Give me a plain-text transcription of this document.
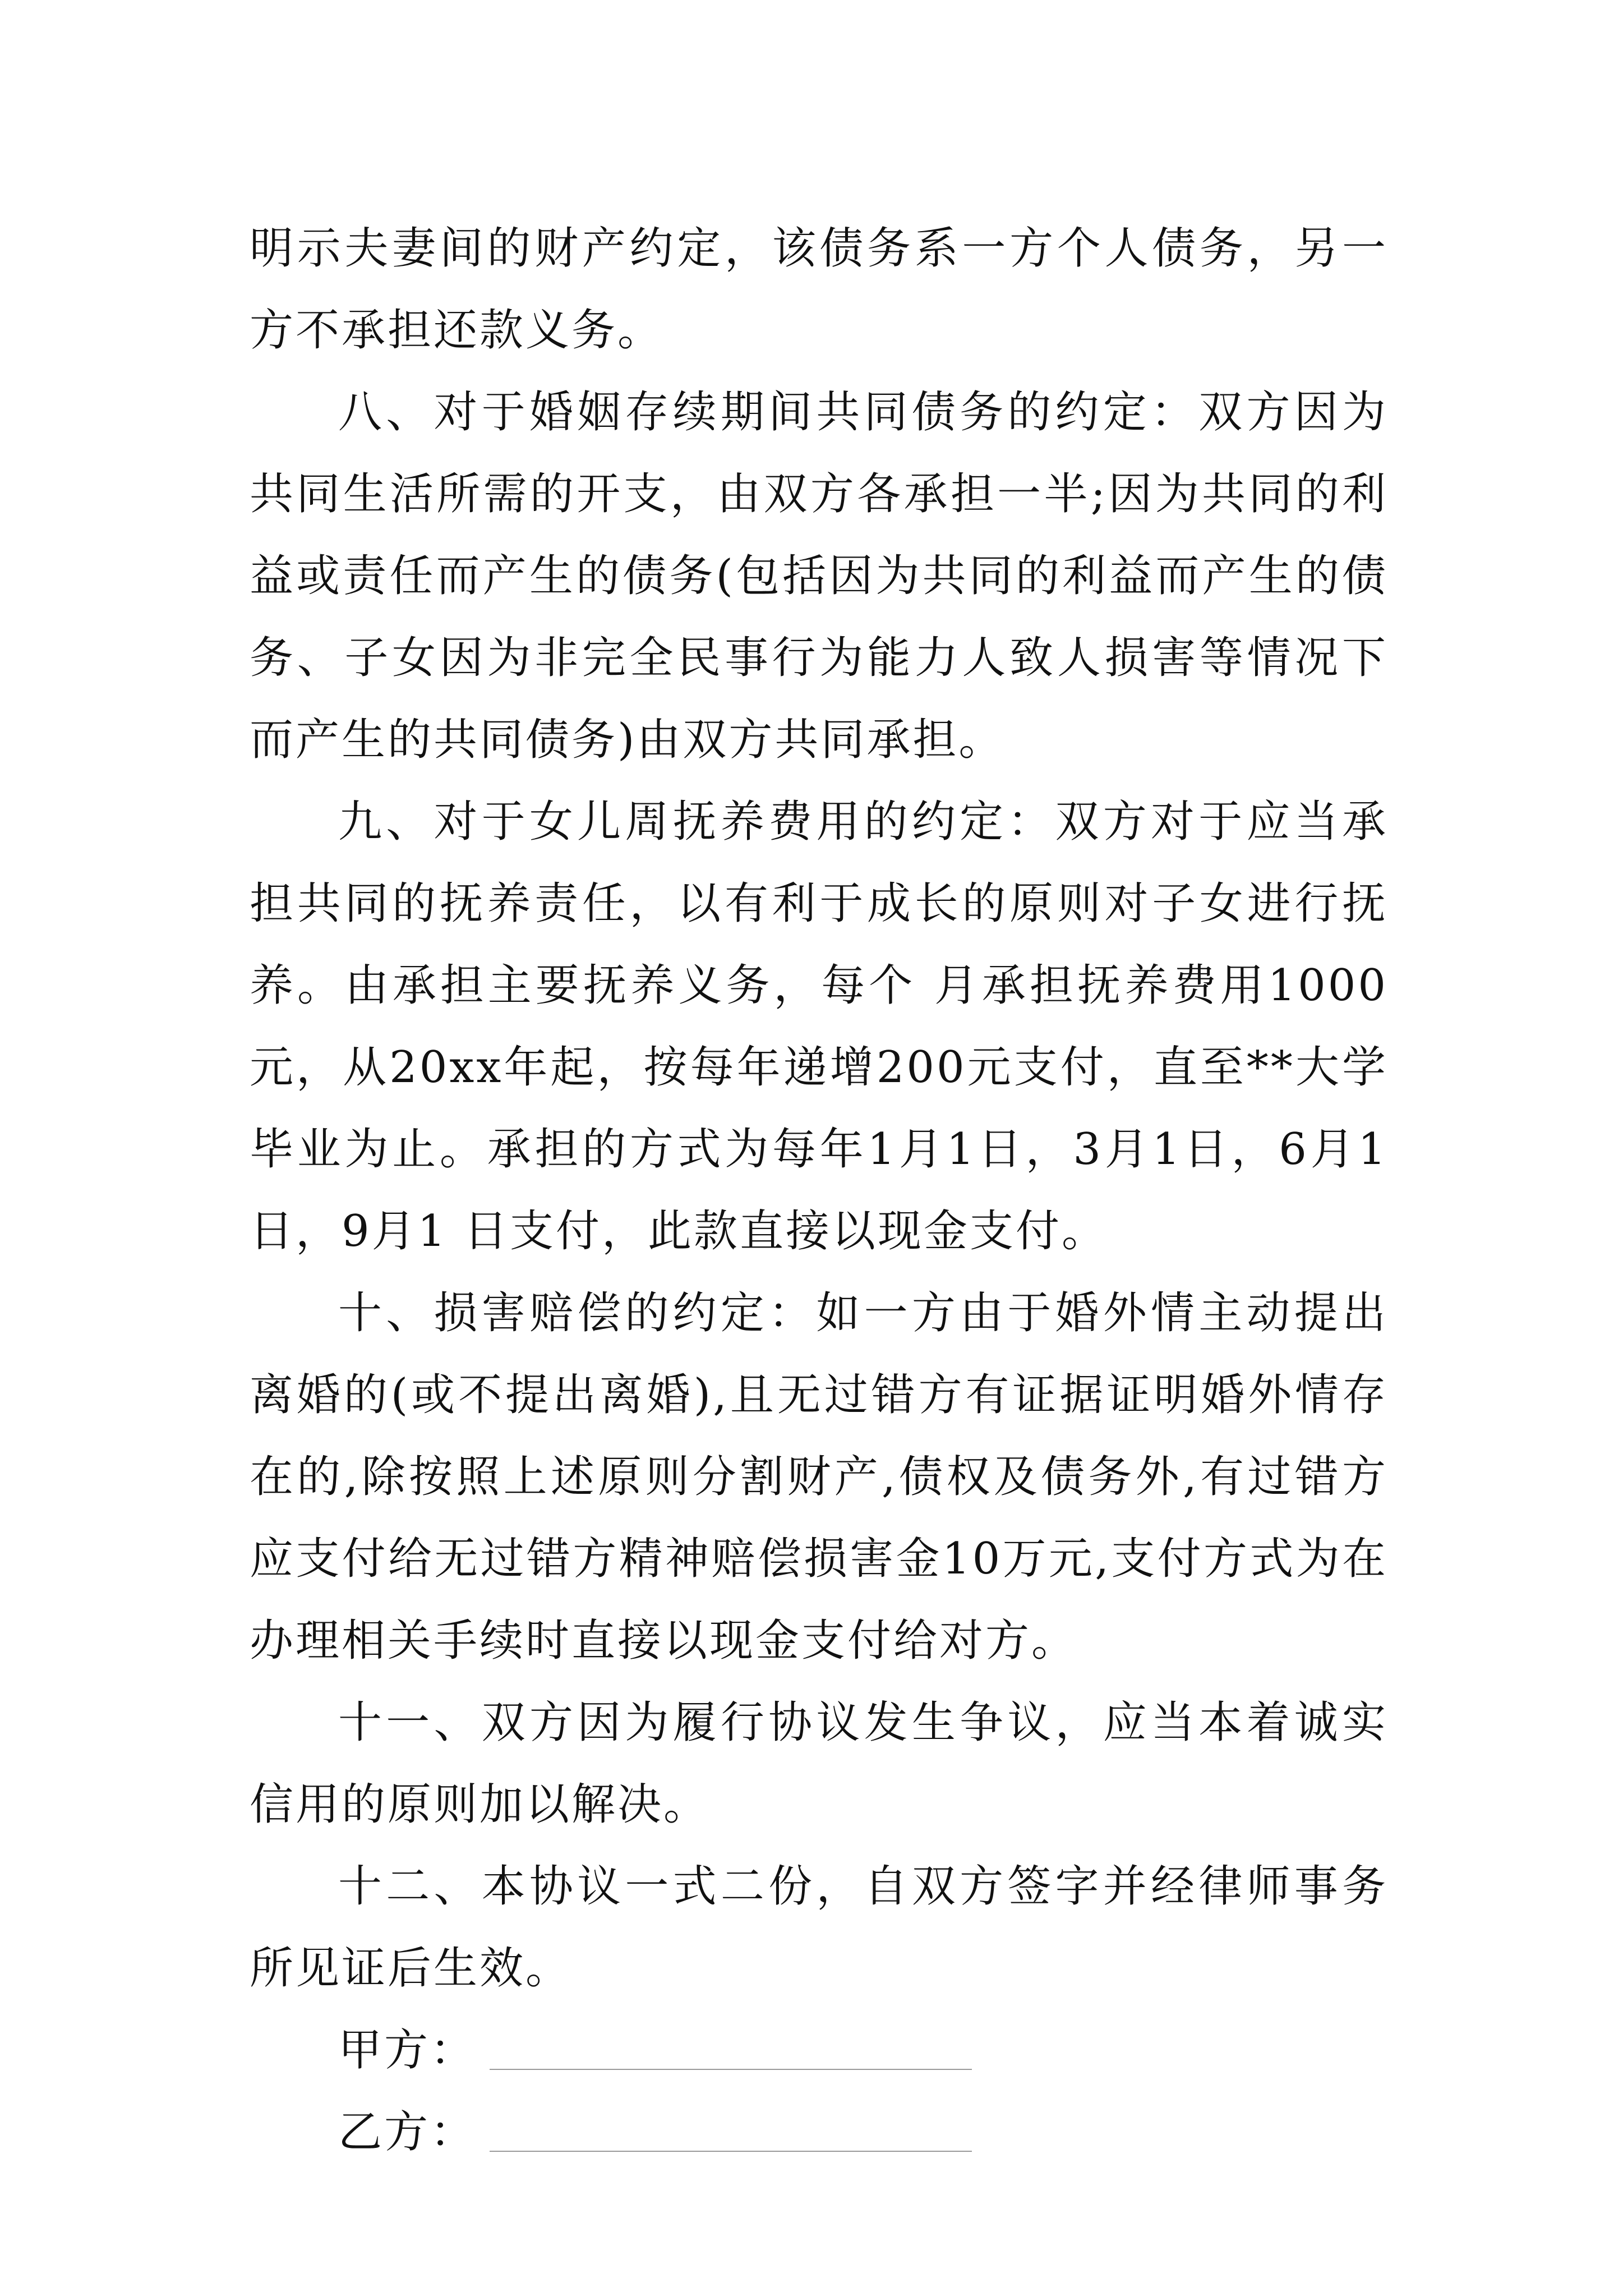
明示夫妻间的财产约定，该债务系一方个人债务，另一方不承担还款义务。

八、对于婚姻存续期间共同债务的约定：双方因为共同生活所需的开支，由双方各承担一半;因为共同的利益或责任而产生的债务(包括因为共同的利益而产生的债务、子女因为非完全民事行为能力人致人损害等情况下而产生的共同债务)由双方共同承担。

九、对于女儿周抚养费用的约定：双方对于应当承担共同的抚养责任，以有利于成长的原则对子女进行抚养。由承担主要抚养义务，每个 月承担抚养费用1000元，从20xx年起，按每年递增200元支付，直至**大学毕业为止。承担的方式为每年1月1日，3月1日，6月1日，9月1 日支付，此款直接以现金支付。

十、损害赔偿的约定：如一方由于婚外情主动提出离婚的(或不提出离婚),且无过错方有证据证明婚外情存在的,除按照上述原则分割财产,债权及债务外,有过错方应支付给无过错方精神赔偿损害金10万元,支付方式为在办理相关手续时直接以现金支付给对方。

十一、双方因为履行协议发生争议，应当本着诚实信用的原则加以解决。

十二、本协议一式二份，自双方签字并经律师事务所见证后生效。

甲方：
乙方：
